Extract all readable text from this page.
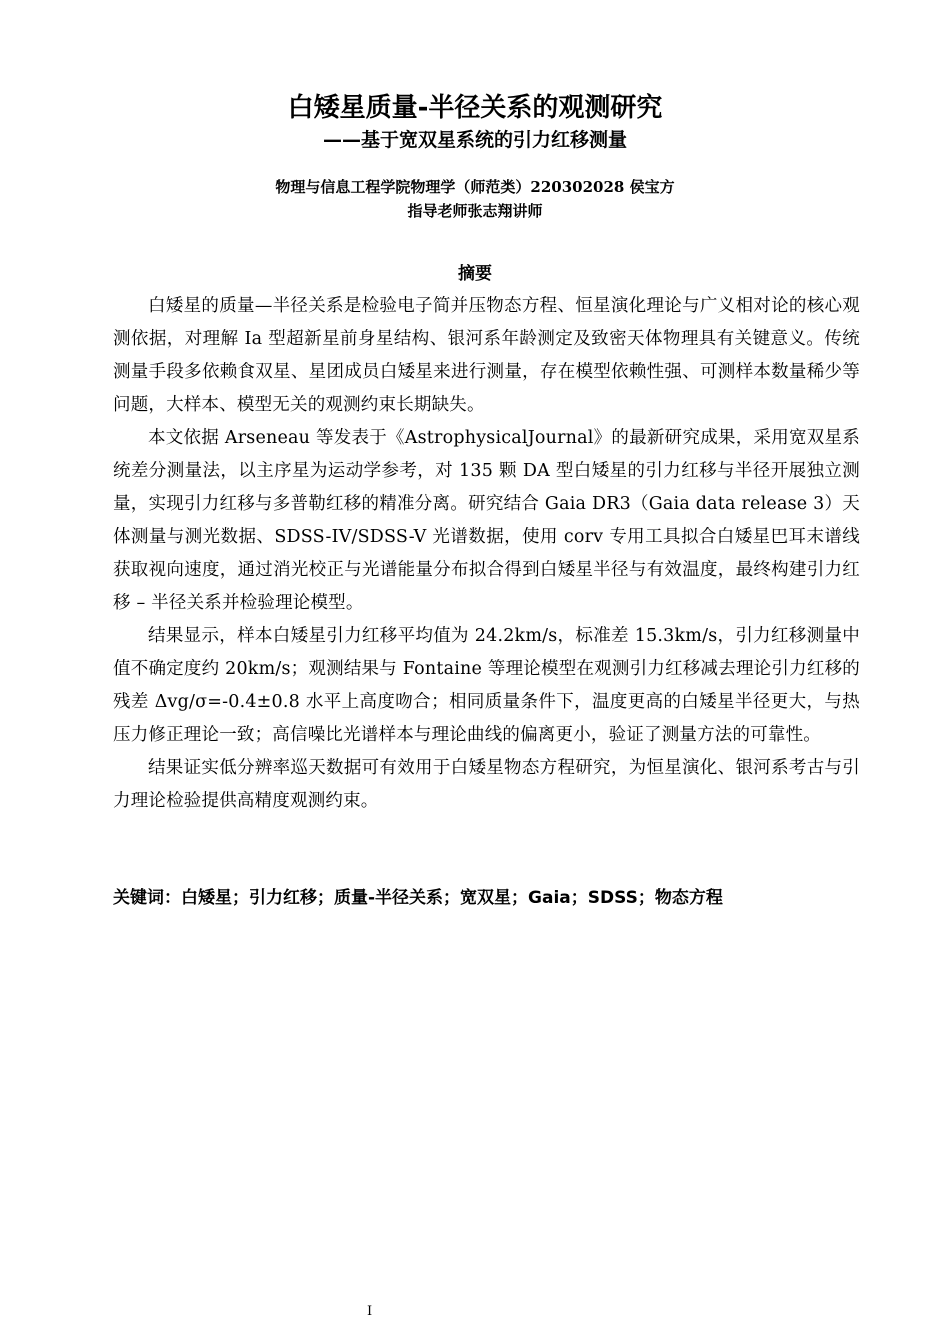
白矮星质量-半径关系的观测研究
——基于宽双星系统的引力红移测量
物理与信息工程学院物理学（师范类）220302028 侯宝方
指导老师张志翔讲师
摘要

白矮星的质量—半径关系是检验电子简并压物态方程、恒星演化理论与广义相对论的核心观测依据，对理解 Ia 型超新星前身星结构、银河系年龄测定及致密天体物理具有关键意义。传统测量手段多依赖食双星、星团成员白矮星来进行测量，存在模型依赖性强、可测样本数量稀少等问题，大样本、模型无关的观测约束长期缺失。

本文依据 Arseneau 等发表于《AstrophysicalJournal》的最新研究成果，采用宽双星系统差分测量法，以主序星为运动学参考，对 135 颗 DA 型白矮星的引力红移与半径开展独立测量，实现引力红移与多普勒红移的精准分离。研究结合 Gaia DR3（Gaia data release 3）天体测量与测光数据、SDSS-IV/SDSS-V 光谱数据，使用 corv 专用工具拟合白矮星巴耳末谱线获取视向速度，通过消光校正与光谱能量分布拟合得到白矮星半径与有效温度，最终构建引力红移 – 半径关系并检验理论模型。

结果显示，样本白矮星引力红移平均值为 24.2km/s，标准差 15.3km/s，引力红移测量中值不确定度约 20km/s；观测结果与 Fontaine 等理论模型在观测引力红移减去理论引力红移的残差 Δvg/σ=-0.4±0.8 水平上高度吻合；相同质量条件下，温度更高的白矮星半径更大，与热压力修正理论一致；高信噪比光谱样本与理论曲线的偏离更小，验证了测量方法的可靠性。

结果证实低分辨率巡天数据可有效用于白矮星物态方程研究，为恒星演化、银河系考古与引力理论检验提供高精度观测约束。

关键词：白矮星；引力红移；质量-半径关系；宽双星；Gaia；SDSS；物态方程
I
